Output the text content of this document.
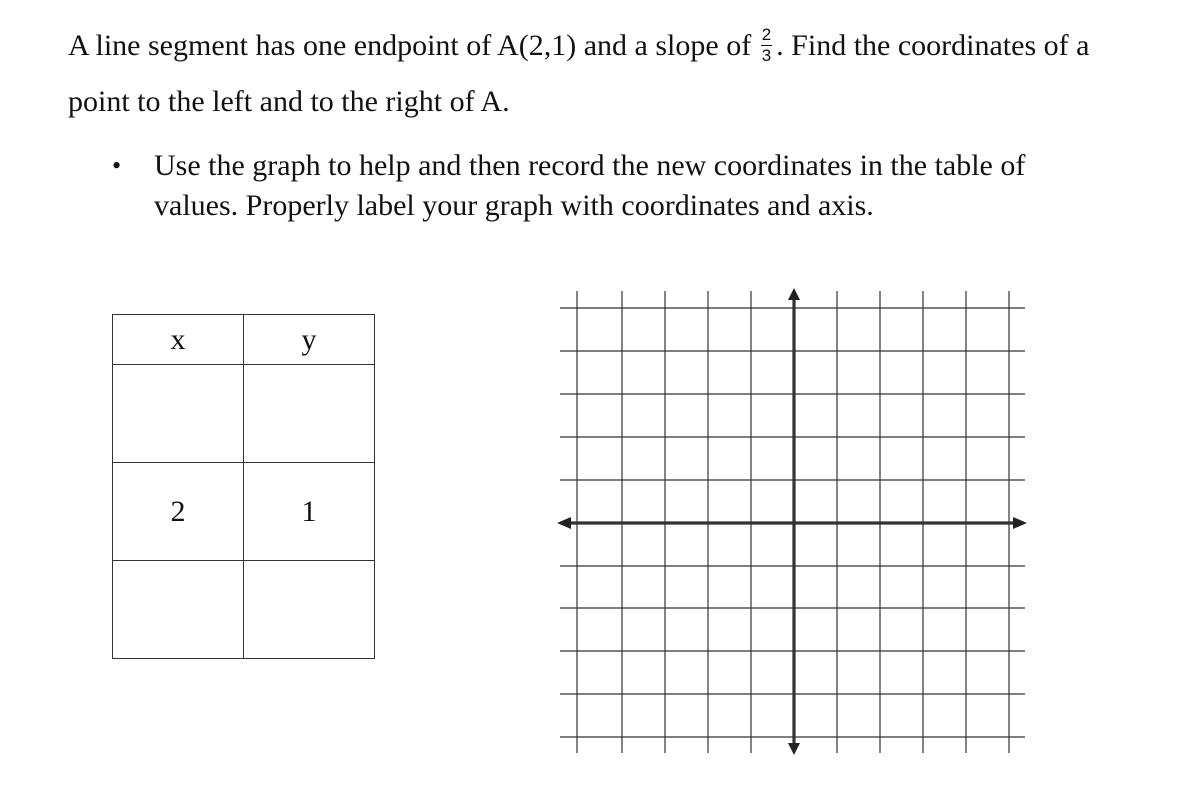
A line segment has one endpoint of A(2,1) and a slope of $\frac{2}{3}$ . Find the coordinates of a point to the left and to the right of A.
•	Use the graph to help and then record the new coordinates in the table of values. Properly label your graph with coordinates and axis.
x	y

2	1
